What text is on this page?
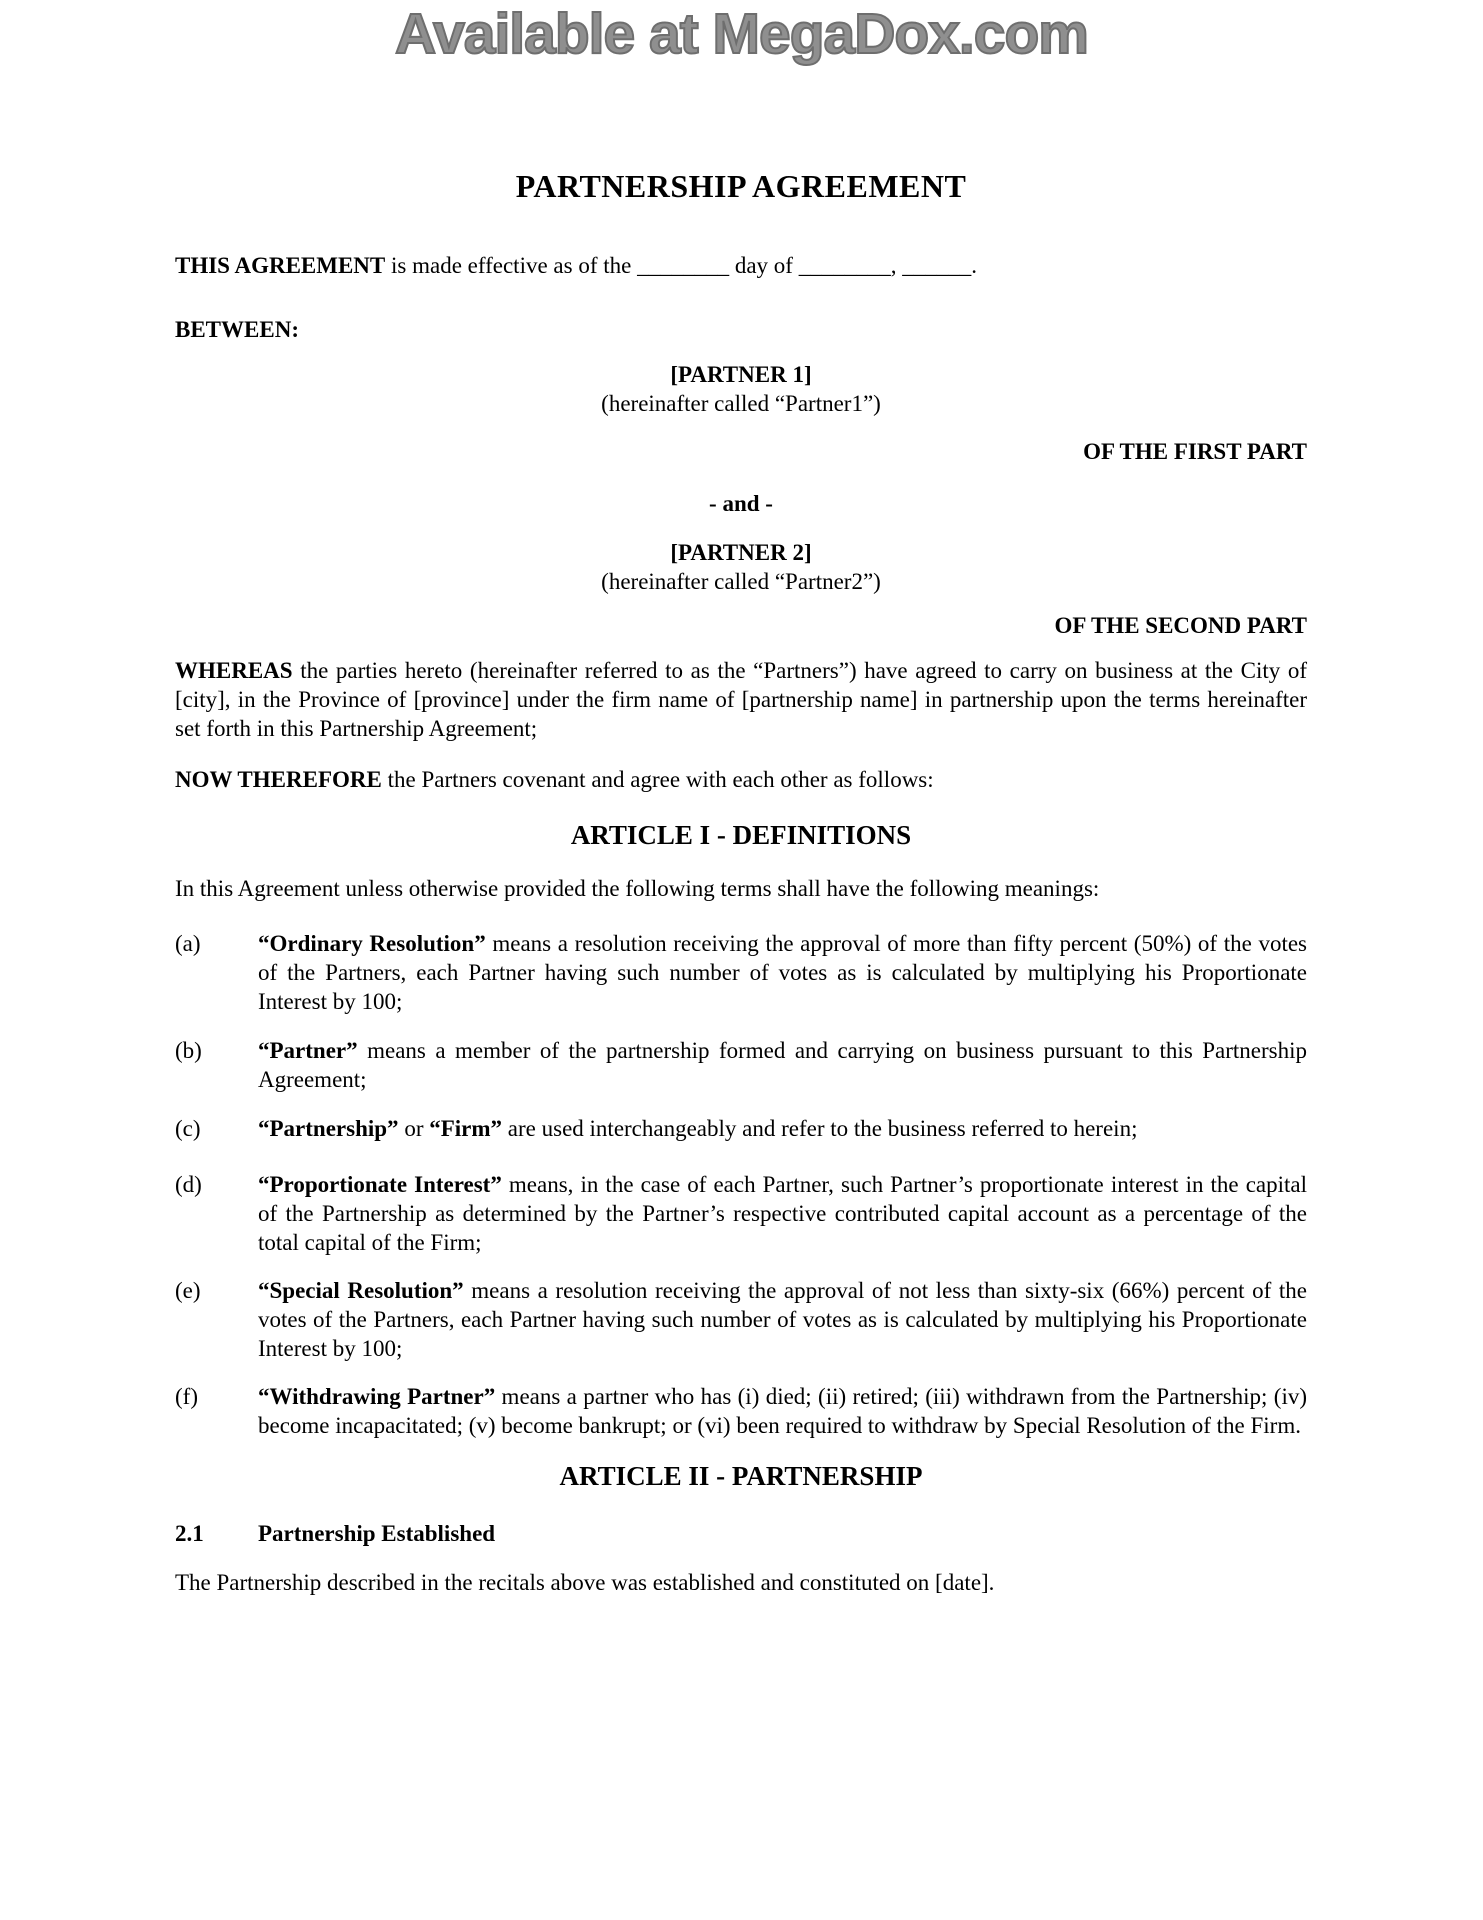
Available at MegaDox.com
PARTNERSHIP AGREEMENT

THIS AGREEMENT is made effective as of the ________ day of ________, ______.

BETWEEN:

[PARTNER 1]
(hereinafter called “Partner1”)

OF THE FIRST PART

- and -

[PARTNER 2]
(hereinafter called “Partner2”)

OF THE SECOND PART

WHEREAS the parties hereto (hereinafter referred to as the “Partners”) have agreed to carry on business at the City of [city], in the Province of [province] under the firm name of [partnership name] in partnership upon the terms hereinafter set forth in this Partnership Agreement;

NOW THEREFORE the Partners covenant and agree with each other as follows:

ARTICLE I - DEFINITIONS

In this Agreement unless otherwise provided the following terms shall have the following meanings:

(a)	“Ordinary Resolution” means a resolution receiving the approval of more than fifty percent (50%) of the votes of the Partners, each Partner having such number of votes as is calculated by multiplying his Proportionate Interest by 100;
(b)	“Partner” means a member of the partnership formed and carrying on business pursuant to this Partnership Agreement;
(c)	“Partnership” or “Firm” are used interchangeably and refer to the business referred to herein;
(d)	“Proportionate Interest” means, in the case of each Partner, such Partner’s proportionate interest in the capital of the Partnership as determined by the Partner’s respective contributed capital account as a percentage of the total capital of the Firm;
(e)	“Special Resolution” means a resolution receiving the approval of not less than sixty-six (66%) percent of the votes of the Partners, each Partner having such number of votes as is calculated by multiplying his Proportionate Interest by 100;
(f)	“Withdrawing Partner” means a partner who has (i) died; (ii) retired; (iii) withdrawn from the Partnership; (iv) become incapacitated; (v) become bankrupt; or (vi) been required to withdraw by Special Resolution of the Firm.
ARTICLE II - PARTNERSHIP
2.1	Partnership Established

The Partnership described in the recitals above was established and constituted on [date].
